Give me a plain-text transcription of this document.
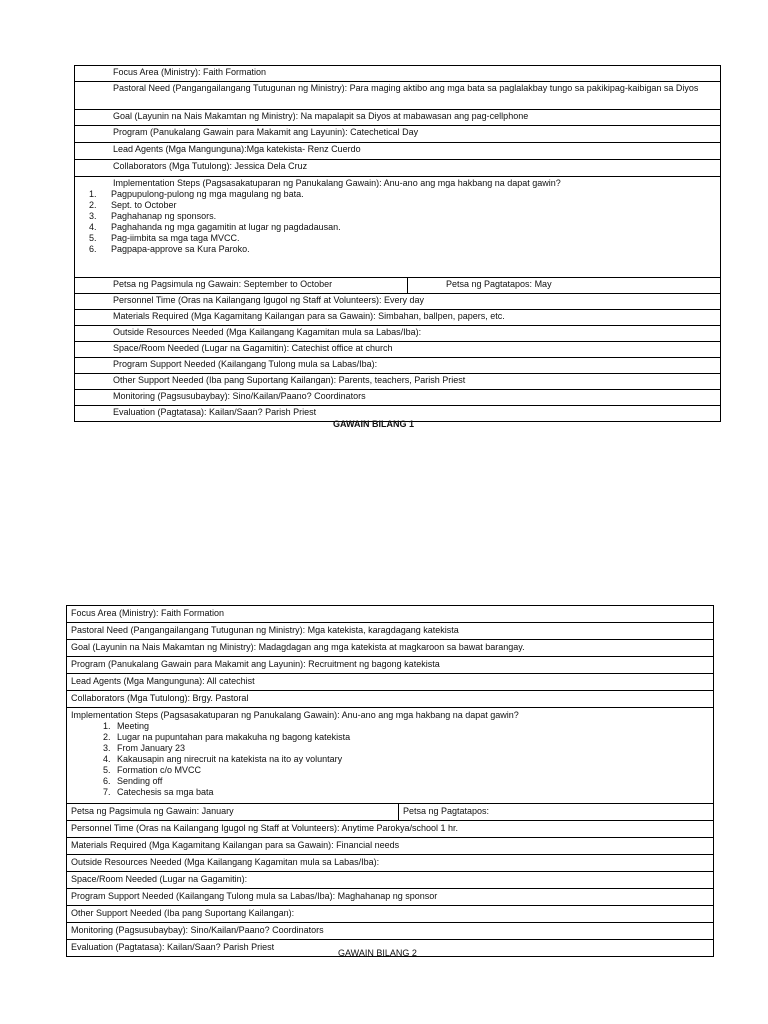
Focus Area (Ministry): Faith Formation
Pastoral Need (Pangangailangang Tutugunan ng Ministry): Para maging aktibo ang mga bata sa paglalakbay tungo sa pakikipag-kaibigan sa Diyos
Goal (Layunin na Nais Makamtan ng Ministry): Na mapalapit sa Diyos at mabawasan ang pag-cellphone
Program (Panukalang Gawain para Makamit ang Layunin): Catechetical Day
Lead Agents (Mga Mangunguna):Mga katekista- Renz Cuerdo
Collaborators (Mga Tutulong): Jessica Dela Cruz

Implementation Steps (Pagsasakatuparan ng Panukalang Gawain): Anu-ano ang mga hakbang na dapat gawin?
1.	Pagpupulong-pulong ng mga magulang ng bata.
2.	Sept. to October
3.	Paghahanap ng sponsors.
4.	Paghahanda ng mga gagamitin at lugar ng pagdadausan.
5.	Pag-iimbita sa mga taga MVCC.
6.	Pagpapa-approve sa Kura Paroko.

Petsa ng Pagsimula ng Gawain: September to October	Petsa ng Pagtatapos: May
Personnel Time (Oras na Kailangang Igugol ng Staff at Volunteers): Every day
Materials Required (Mga Kagamitang Kailangan para sa Gawain): Simbahan, ballpen, papers, etc.
Outside Resources Needed (Mga Kailangang Kagamitan mula sa Labas/Iba):
Space/Room Needed (Lugar na Gagamitin): Catechist office at church
Program Support Needed (Kailangang Tulong mula sa Labas/Iba):
Other Support Needed (Iba pang Suportang Kailangan): Parents, teachers, Parish Priest
Monitoring (Pagsusubaybay): Sino/Kailan/Paano? Coordinators
Evaluation (Pagtatasa): Kailan/Saan? Parish Priest
GAWAIN BILANG 1
Focus Area (Ministry): Faith Formation
Pastoral Need (Pangangailangang Tutugunan ng Ministry): Mga katekista, karagdagang katekista
Goal (Layunin na Nais Makamtan ng Ministry): Madagdagan ang mga katekista at magkaroon sa bawat barangay.
Program (Panukalang Gawain para Makamit ang Layunin): Recruitment ng bagong katekista
Lead Agents (Mga Mangunguna): All catechist
Collaborators (Mga Tutulong): Brgy. Pastoral

Implementation Steps (Pagsasakatuparan ng Panukalang Gawain): Anu-ano ang mga hakbang na dapat gawin?
1. Meeting
2. Lugar na pupuntahan para makakuha ng bagong katekista
3. From January 23
4. Kakausapin ang nirecruit na katekista na ito ay voluntary
5. Formation c/o MVCC
6. Sending off
7. Catechesis sa mga bata

Petsa ng Pagsimula ng Gawain: January	Petsa ng Pagtatapos:
Personnel Time (Oras na Kailangang Igugol ng Staff at Volunteers): Anytime Parokya/school 1 hr.
Materials Required (Mga Kagamitang Kailangan para sa Gawain): Financial needs
Outside Resources Needed (Mga Kailangang Kagamitan mula sa Labas/Iba):
Space/Room Needed (Lugar na Gagamitin):
Program Support Needed (Kailangang Tulong mula sa Labas/Iba): Maghahanap ng sponsor
Other Support Needed (Iba pang Suportang Kailangan):
Monitoring (Pagsusubaybay): Sino/Kailan/Paano? Coordinators
Evaluation (Pagtatasa): Kailan/Saan? Parish Priest
GAWAIN BILANG 2
